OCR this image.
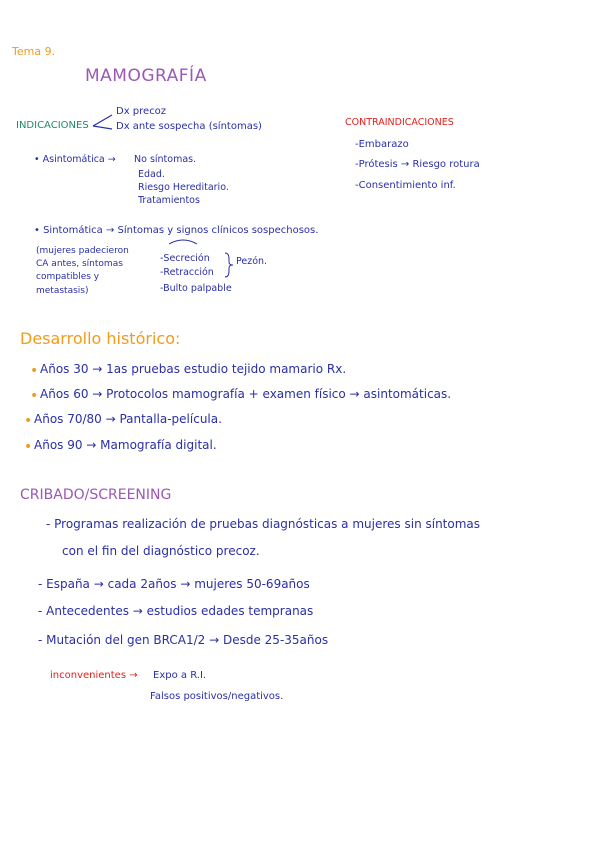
Tema 9.
MAMOGRAFÍA
INDICACIONES
Dx precoz
Dx ante sospecha (síntomas)	CONTRAINDICACIONES
-Embarazo
-Prótesis → Riesgo rotura
-Consentimiento inf.
• Asintomática → No síntomas.
Edad.
Riesgo Hereditario.
Tratamientos
• Sintomática → Síntomas y signos clínicos sospechosos.
(mujeres padecieron
CA antes, síntomas
compatibles y
metastasis)
-Secreción
-Retracción
-Bulto palpable
Pezón.
Desarrollo histórico:
• Años 30 → 1as pruebas estudio tejido mamario Rx.
• Años 60 → Protocolos mamografía + examen físico → asintomáticas.
• Años 70/80 → Pantalla-película.
• Años 90 → Mamografía digital.
CRIBADO/SCREENING
- Programas realización de pruebas diagnósticas a mujeres sin síntomas
con el fin del diagnóstico precoz.
- España → cada 2años → mujeres 50-69años
- Antecedentes → estudios edades tempranas
- Mutación del gen BRCA1/2 → Desde 25-35años
inconvenientes → Expo a R.I.
Falsos positivos/negativos.
